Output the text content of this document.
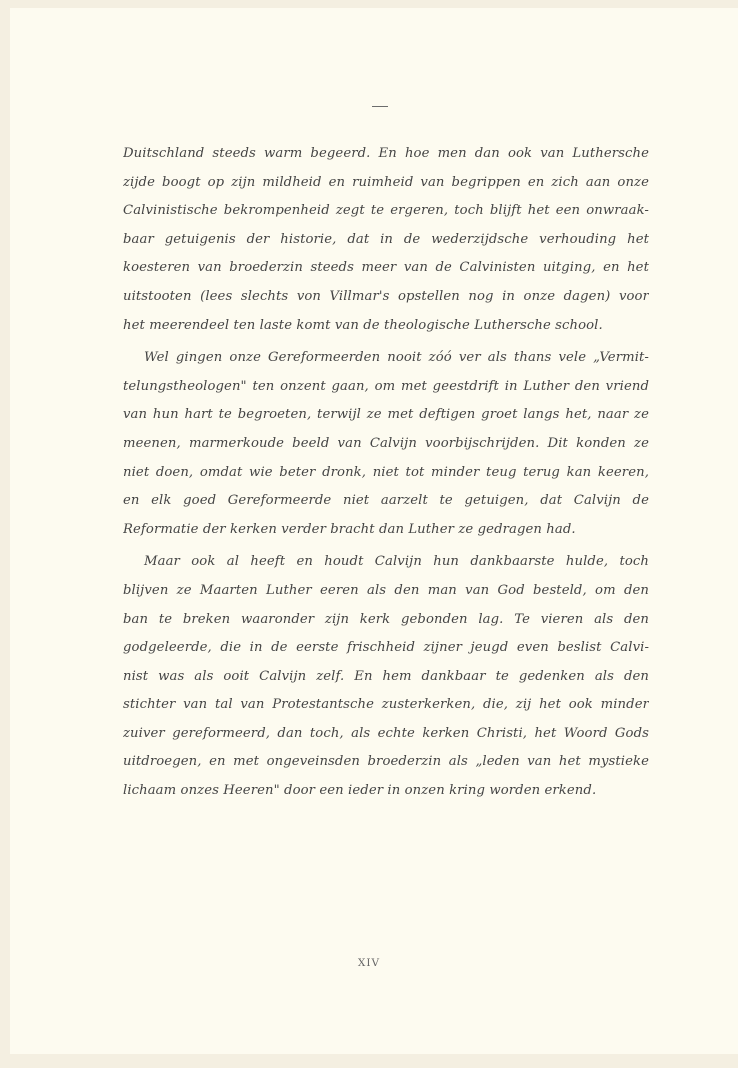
Duitschland steeds warm begeerd. En hoe men dan ook van Luthersche
zijde boogt op zijn mildheid en ruimheid van begrippen en zich aan onze
Calvinistische bekrompenheid zegt te ergeren, toch blijft het een onwraak-
baar getuigenis der historie, dat in de wederzijdsche verhouding het
koesteren van broederzin steeds meer van de Calvinisten uitging, en het
uitstooten (lees slechts von Villmar's opstellen nog in onze dagen) voor
het meerendeel ten laste komt van de theologische Luthersche school.
Wel gingen onze Gereformeerden nooit zóó ver als thans vele „Vermit-
telungstheologen" ten onzent gaan, om met geestdrift in Luther den vriend
van hun hart te begroeten, terwijl ze met deftigen groet langs het, naar ze
meenen, marmerkoude beeld van Calvijn voorbijschrijden. Dit konden ze
niet doen, omdat wie beter dronk, niet tot minder teug terug kan keeren,
en elk goed Gereformeerde niet aarzelt te getuigen, dat Calvijn de
Reformatie der kerken verder bracht dan Luther ze gedragen had.
Maar ook al heeft en houdt Calvijn hun dankbaarste hulde, toch
blijven ze Maarten Luther eeren als den man van God besteld, om den
ban te breken waaronder zijn kerk gebonden lag. Te vieren als den
godgeleerde, die in de eerste frischheid zijner jeugd even beslist Calvi-
nist was als ooit Calvijn zelf. En hem dankbaar te gedenken als den
stichter van tal van Protestantsche zusterkerken, die, zij het ook minder
zuiver gereformeerd, dan toch, als echte kerken Christi, het Woord Gods
uitdroegen, en met ongeveinsden broederzin als „leden van het mystieke
lichaam onzes Heeren" door een ieder in onzen kring worden erkend.
XIV
